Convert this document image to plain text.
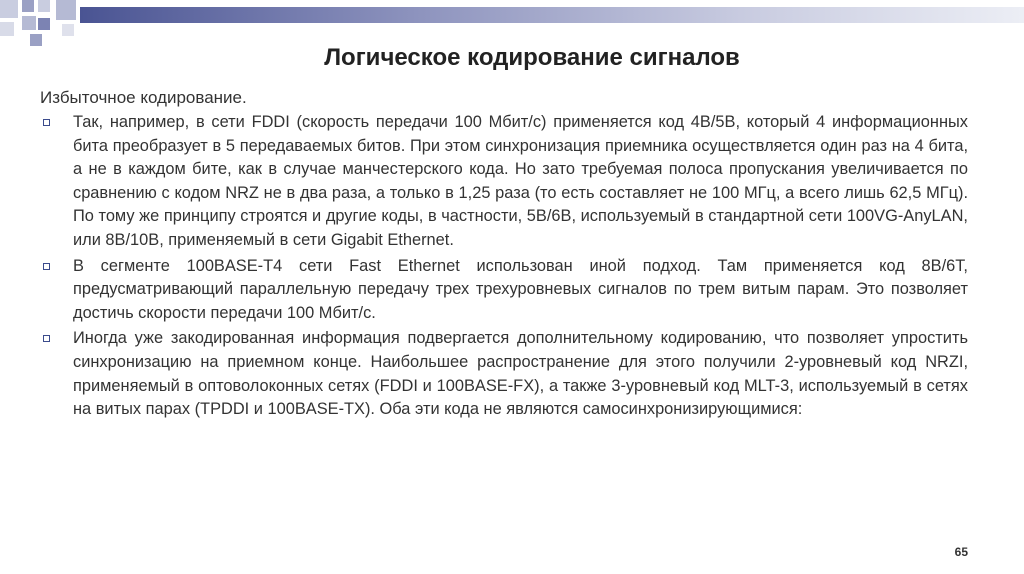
Логическое кодирование сигналов
Избыточное кодирование.
Так, например, в сети FDDI (скорость передачи 100 Мбит/с) применяется код 4B/5B, который 4 информационных бита преобразует в 5 передаваемых битов. При этом синхронизация приемника осуществляется один раз на 4 бита, а не в каждом бите, как в случае манчестерского кода. Но зато требуемая полоса пропускания увеличивается по сравнению с кодом NRZ не в два раза, а только в 1,25 раза (то есть составляет не 100 МГц, а всего лишь 62,5 МГц). По тому же принципу строятся и другие коды, в частности, 5B/6B, используемый в стандартной сети 100VG-AnyLAN, или 8B/10B, применяемый в сети Gigabit Ethernet.
В сегменте 100BASE-T4 сети Fast Ethernet использован иной подход. Там применяется код 8B/6T, предусматривающий параллельную передачу трех трехуровневых сигналов по трем витым парам. Это позволяет достичь скорости передачи 100 Мбит/с.
Иногда уже закодированная информация подвергается дополнительному кодированию, что позволяет упростить синхронизацию на приемном конце. Наибольшее распространение для этого получили 2-уровневый код NRZI, применяемый в оптоволоконных сетях (FDDI и 100BASE-FX), а также 3-уровневый код MLT-3, используемый в сетях на витых парах (TPDDI и 100BASE-TX). Оба эти кода не являются самосинхронизирующимися:
65
